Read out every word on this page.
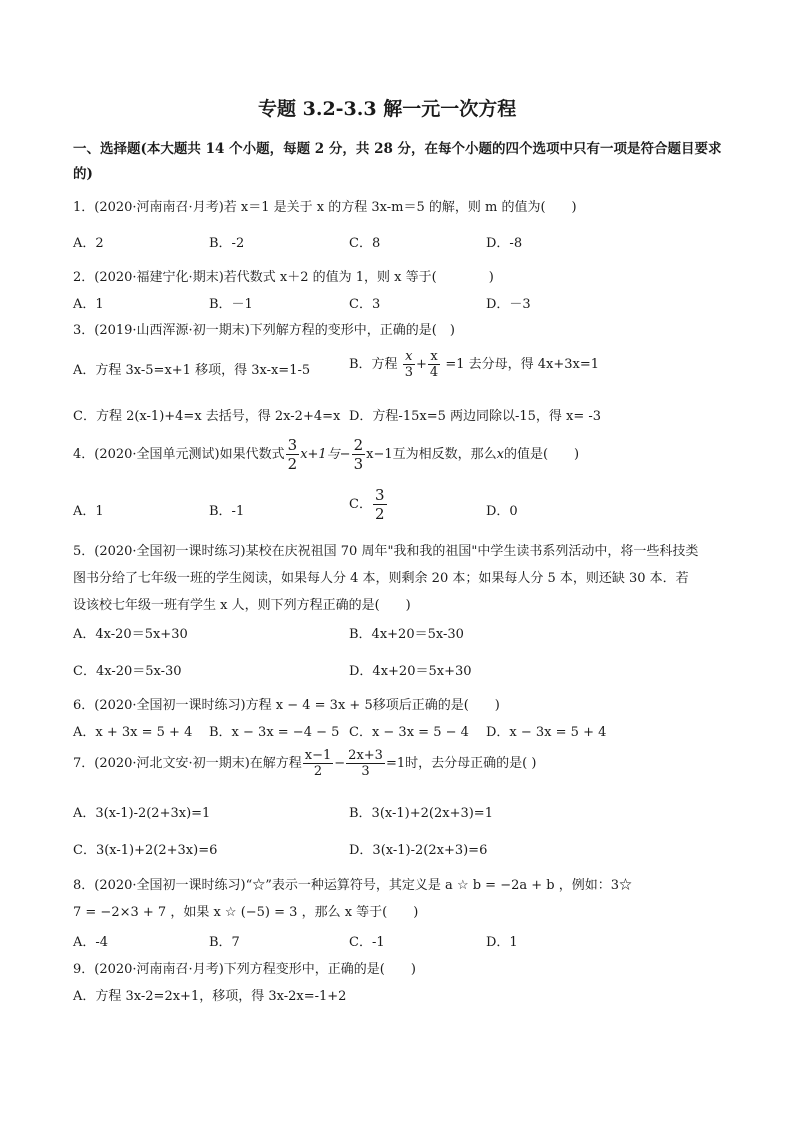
专题 3.2-3.3 解一元一次方程
一、选择题(本大题共 14 个小题，每题 2 分，共 28 分，在每个小题的四个选项中只有一项是符合题目要求
的)
1．(2020·河南南召·月考)若 x＝1 是关于 x 的方程 3x-m＝5 的解，则 m 的值为(　　)
A．2	B．-2	C．8	D．-8
2．(2020·福建宁化·期末)若代数式 x＋2 的值为 1，则 x 等于(　　　　)
A．1	B．－1	C．3	D．－3
3．(2019·山西浑源·初一期末)下列解方程的变形中，正确的是(　)
A．方程 3x-5=x+1 移项，得 3x-x=1-5	B．方程 $\frac{x}{3} + \frac{x}{4} =1$ 去分母，得 4x+3x=1
C．方程 2(x-1)+4=x 去括号，得 2x-2+4=x D．方程-15x=5 两边同除以-15，得 x= -3
4．(2020·全国单元测试)如果代数式 $\frac{3}{2} x+1$与− $\frac{2}{3} x-1$互为相反数，那么x的值是(　　)
A．1	B．-1	C． $\frac{3}{2}$	D．0
5．(2020·全国初一课时练习)某校在庆祝祖国 70 周年"我和我的祖国"中学生读书系列活动中，将一些科技类
图书分给了七年级一班的学生阅读，如果每人分 4 本，则剩余 20 本；如果每人分 5 本，则还缺 30 本．若
设该校七年级一班有学生 x 人，则下列方程正确的是(　　)
A．4x-20＝5x+30	B．4x+20＝5x-30
C．4x-20＝5x-30	D．4x+20＝5x+30
6．(2020·全国初一课时练习)方程 x − 4 = 3x + 5移项后正确的是(　　)
A．x + 3x = 5 + 4 B．x − 3x = −4 − 5 C．x − 3x = 5 − 4 D．x − 3x = 5 + 4
7．(2020·河北文安·初一期末)在解方程 $\frac{x-1}{2} - \frac{2x+3}{3} =1$时，去分母正确的是( )
A．3(x-1)-2(2+3x)=1	B．3(x-1)+2(2x+3)=1
C．3(x-1)+2(2+3x)=6	D．3(x-1)-2(2x+3)=6
8．(2020·全国初一课时练习)“☆”表示一种运算符号，其定义是 a ☆ b = −2a + b ，例如：3☆
7 = −2×3 + 7 ，如果 x ☆ (−5) = 3 ，那么 x 等于(　　)
A．-4	B．7	C．-1	D．1
9．(2020·河南南召·月考)下列方程变形中，正确的是(　　)
A．方程 3x-2=2x+1，移项，得 3x-2x=-1+2
